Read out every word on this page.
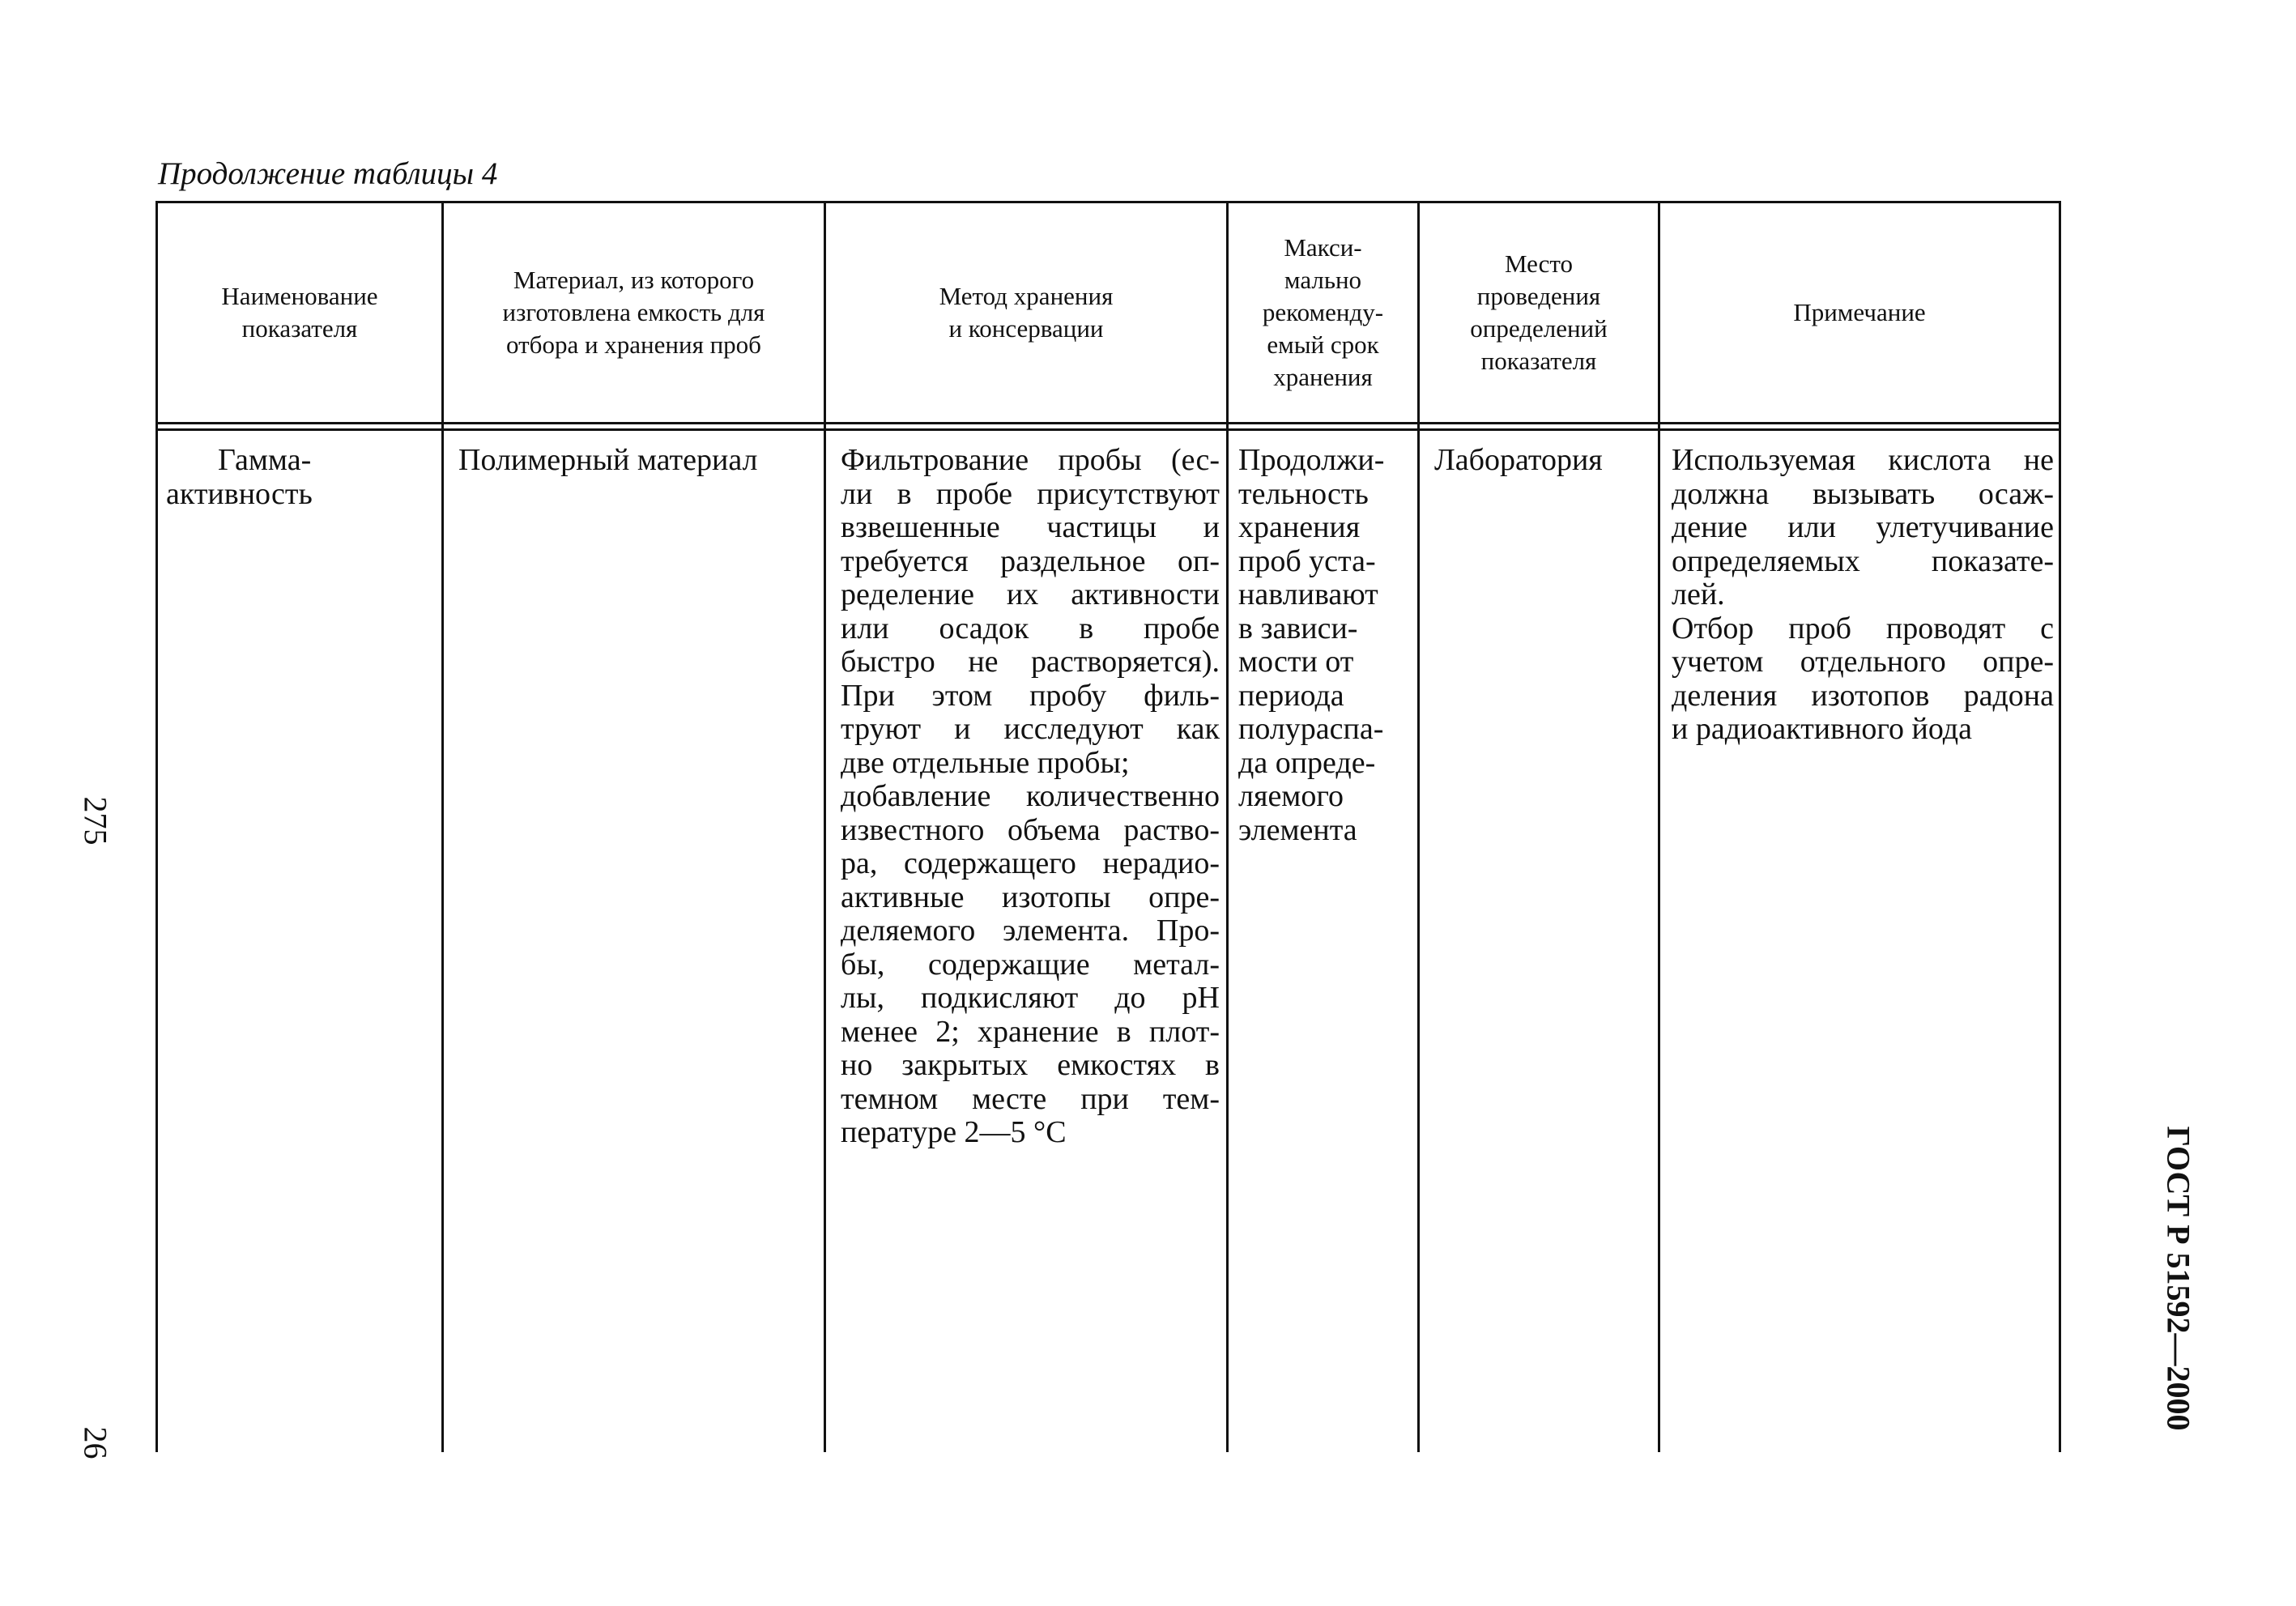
Продолжение таблицы 4
275
26
ГОСТ Р 51592—2000
Наименование
показателя
Материал, из которого
изготовлена емкость для
отбора и хранения проб
Метод хранения
и консервации
Макси-
мально
рекоменду-
емый срок
хранения
Место
проведения
определений
показателя
Примечание
Гамма-
активность
Полимерный материал	Фильтрование пробы (ес-
ли в пробе присутствуют
взвешенные частицы и
требуется раздельное оп-
ределение их активности
или осадок в пробе
быстро не растворяется).
При этом пробу филь-
труют и исследуют как
две отдельные пробы;
добавление количественно
известного объема раство-
ра, содержащего нерадио-
активные изотопы опре-
деляемого элемента. Про-
бы, содержащие метал-
лы, подкисляют до pH
менее 2; хранение в плот-
но закрытых емкостях в
темном месте при тем-
пературе 2—5 °С
Продолжи-
тельность
хранения
проб уста-
навливают
в зависи-
мости от
периода
полураспа-
да опреде-
ляемого
элемента
Лаборатория	Используемая кислота не
должна вызывать осаж-
дение или улетучивание
определяемых показате-
лей.
Отбор проб проводят с
учетом отдельного опре-
деления изотопов радона
и радиоактивного йода
